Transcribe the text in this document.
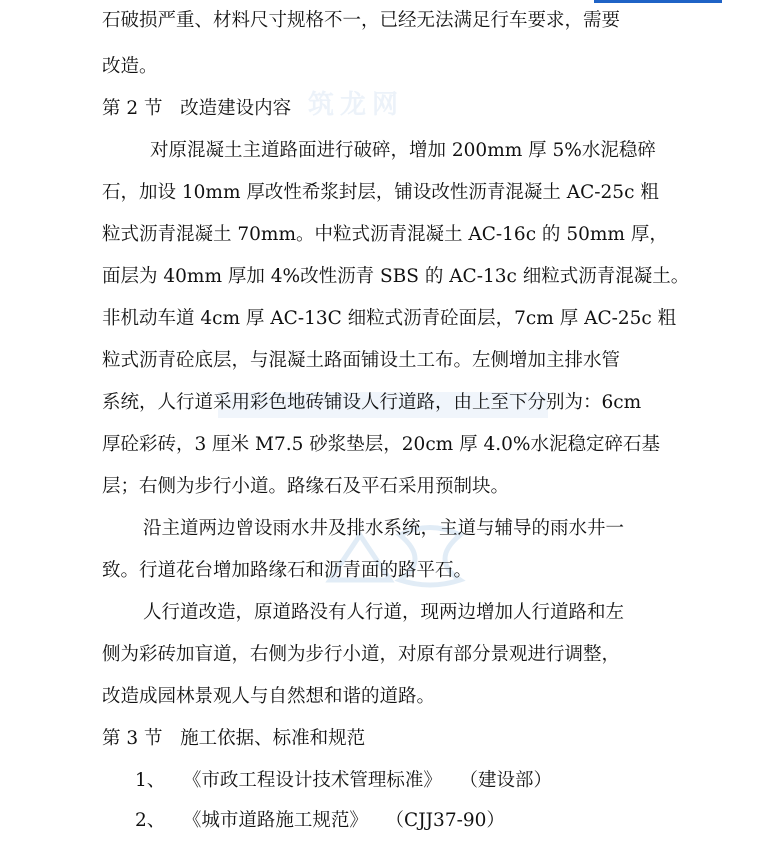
筑龙网
石破损严重、材料尺寸规格不一，已经无法满足行车要求，需要
改造。
第 2 节   改造建设内容
对原混凝土主道路面进行破碎，增加 200mm 厚 5%水泥稳碎
石，加设 10mm 厚改性希浆封层，铺设改性沥青混凝土 AC-25c 粗
粒式沥青混凝土 70mm。中粒式沥青混凝土 AC-16c 的 50mm 厚，
面层为 40mm 厚加 4%改性沥青 SBS 的 AC-13c 细粒式沥青混凝土。
非机动车道 4cm 厚 AC-13C 细粒式沥青砼面层，7cm 厚 AC-25c 粗
粒式沥青砼底层，与混凝土路面铺设土工布。左侧增加主排水管
系统，人行道采用彩色地砖铺设人行道路，由上至下分别为：6cm
厚砼彩砖，3 厘米 M7.5 砂浆垫层，20cm 厚 4.0%水泥稳定碎石基
层；右侧为步行小道。路缘石及平石采用预制块。
沿主道两边曾设雨水井及排水系统，主道与辅导的雨水井一
致。行道花台增加路缘石和沥青面的路平石。
人行道改造，原道路没有人行道，现两边增加人行道路和左
侧为彩砖加盲道，右侧为步行小道，对原有部分景观进行调整，
改造成园林景观人与自然想和谐的道路。
第 3 节   施工依据、标准和规范
1、   《市政工程设计技术管理标准》   （建设部）
2、   《城市道路施工规范》   （CJJ37-90）
